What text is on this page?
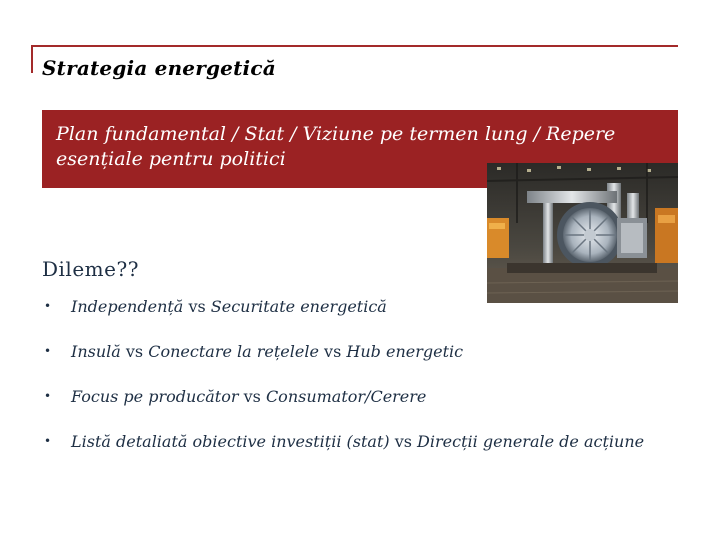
Strategia energetică
Plan fundamental / Stat / Viziune pe termen lung / Repere esențiale pentru politici
Dileme??
• Independență vs Securitate energetică
• Insulă vs Conectare la rețelele vs Hub energetic
• Focus pe producător vs Consumator/Cerere
• Listă detaliată obiective investiții (stat) vs Direcții generale de acțiune
